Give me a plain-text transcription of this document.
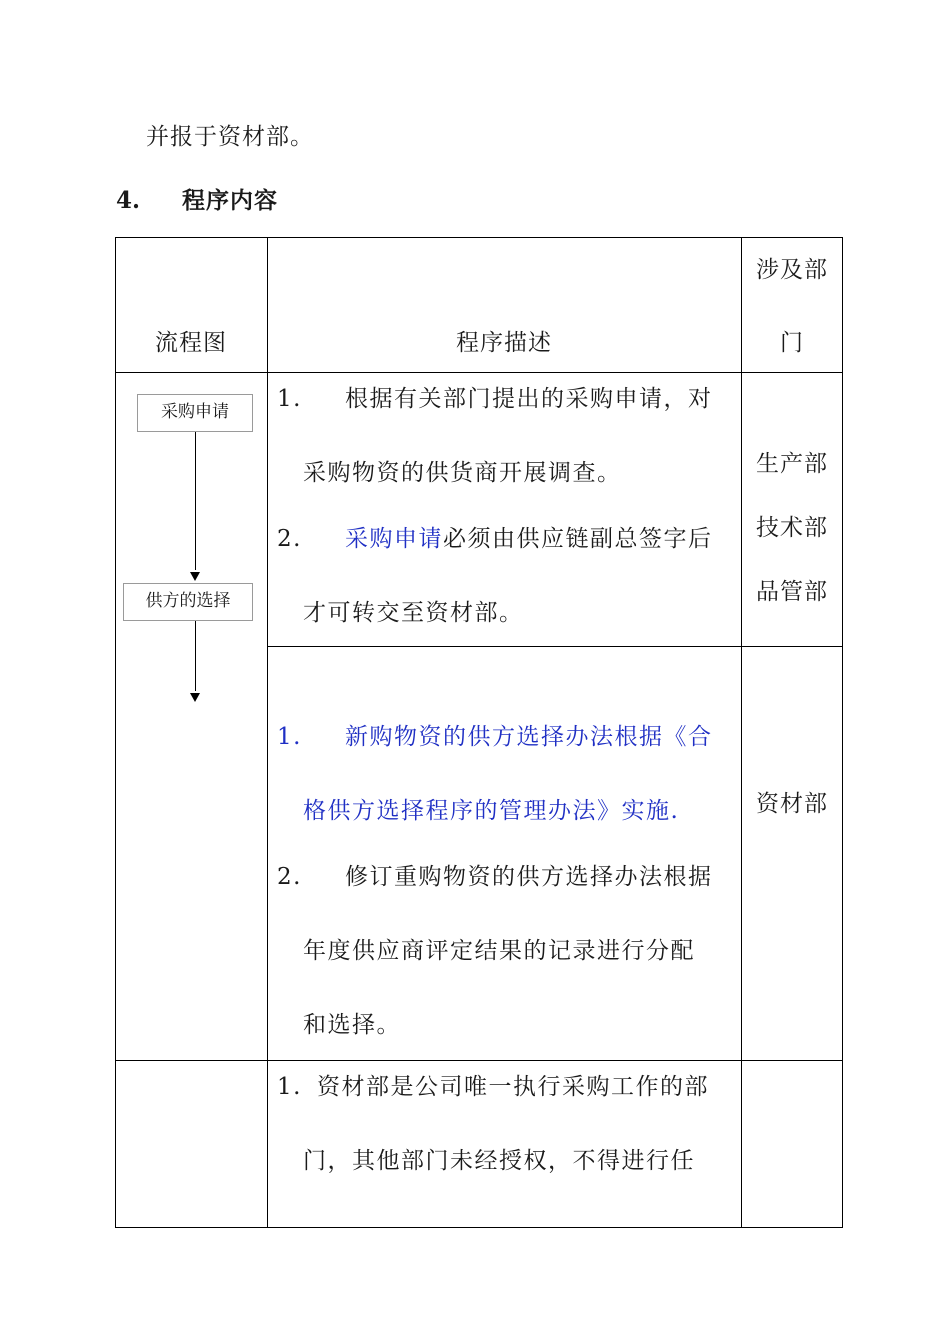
并报于资材部。
4. 程序内容
流程图	程序描述
涉及部
门
采购申请
供方的选择
1. 根据有关部门提出的采购申请，对
采购物资的供货商开展调查。
2. 采购申请必须由供应链副总签字后
才可转交至资材部。
生产部
技术部
品管部
1. 新购物资的供方选择办法根据《合
格供方选择程序的管理办法》实施.
2. 修订重购物资的供方选择办法根据
年度供应商评定结果的记录进行分配
和选择。
资材部
1. 资材部是公司唯一执行采购工作的部
门，其他部门未经授权，不得进行任
